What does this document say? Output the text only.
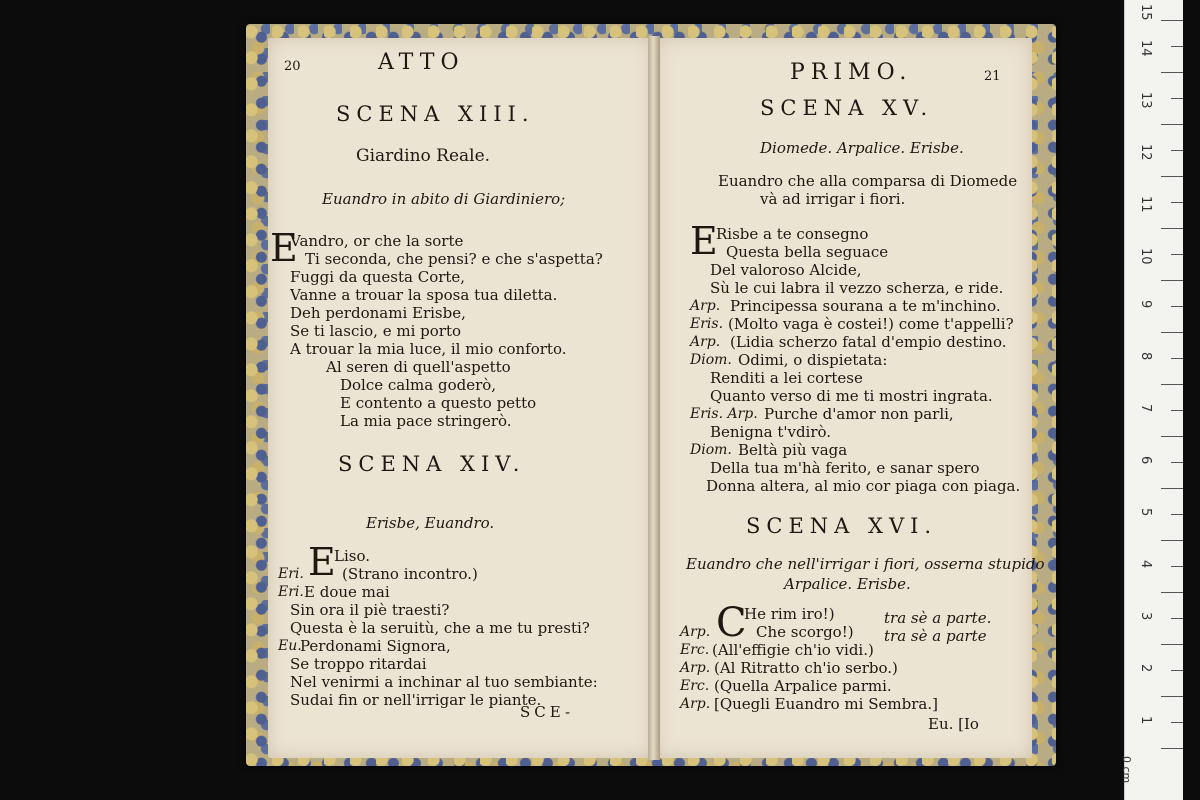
20	ATTO
SCENA XIII.
Giardino Reale.
Euandro in abito di Giardiniero;
E
Vandro, or che la sorte
Ti seconda, che pensi? e che s'aspetta?
Fuggi da questa Corte,
Vanne a trouar la sposa tua diletta.
Deh perdonami Erisbe,
Se ti lascio, e mi porto
A trouar la mia luce, il mio conforto.
Al seren di quell'aspetto
Dolce calma goderò,
E contento a questo petto
La mia pace stringerò.
SCENA XIV.
Erisbe, Euandro.
E
Liso.
Eri.	(Strano incontro.)
Eri. E doue mai
Sin ora il piè traesti?
Questa è la seruitù, che a me tu presti?
Eu.
Perdonami Signora,
Se troppo ritardai
Nel venirmi a inchinar al tuo sembiante:
Sudai fin or nell'irrigar le piante.
SCE-
PRIMO.	21
SCENA XV.
Diomede. Arpalice. Erisbe.
Euandro che alla comparsa di Diomede
và ad irrigar i fiori.
E
Risbe a te consegno
Questa bella seguace
Del valoroso Alcide,
Sù le cui labra il vezzo scherza, e ride.
Arp. Principessa sourana a te m'inchino.
Eris. (Molto vaga è costei!) come t'appelli?
Arp. (Lidia scherzo fatal d'empio destino.
Diom. Odimi, o dispietata:
Renditi a lei cortese
Quanto verso di me ti mostri ingrata.
Eris. Arp. Purche d'amor non parli,
Benigna t'vdirò.
Diom. Beltà più vaga
Della tua m'hà ferito, e sanar spero
Donna altera, al mio cor piaga con piaga.
SCENA XVI.
Euandro che nell'irrigar i fiori, osserna stupido
Arpalice. Erisbe.
C
He rim iro!)	tra sè a parte.
Arp.	Che scorgo!) tra sè a parte
Erc. (All'effigie ch'io vidi.)
Arp. (Al Ritratto ch'io serbo.)
Erc. (Quella Arpalice parmi.
Arp. [Quegli Euandro mi Sembra.]
Eu. [Io
0 cm
1
2
3
4
5
6
7
8
9
10
11
12
13
14
15
